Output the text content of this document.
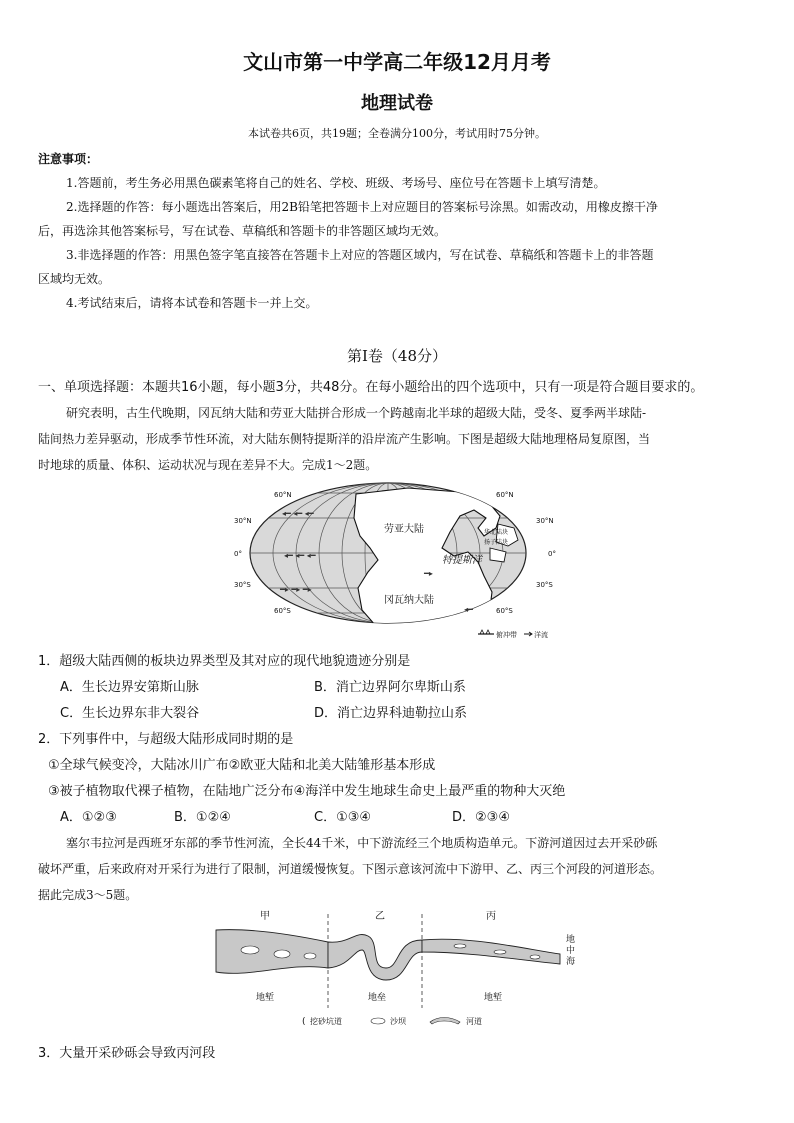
文山市第一中学高二年级12月月考
地理试卷
本试卷共6页，共19题；全卷满分100分，考试用时75分钟。
注意事项：
1.答题前，考生务必用黑色碳素笔将自己的姓名、学校、班级、考场号、座位号在答题卡上填写清楚。
2.选择题的作答：每小题选出答案后，用2B铅笔把答题卡上对应题目的答案标号涂黑。如需改动，用橡皮擦干净
后，再选涂其他答案标号，写在试卷、草稿纸和答题卡的非答题区域均无效。
3.非选择题的作答：用黑色签字笔直接答在答题卡上对应的答题区域内，写在试卷、草稿纸和答题卡上的非答题
区域均无效。
4.考试结束后，请将本试卷和答题卡一并上交。
第Ⅰ卷（48分）
一、单项选择题：本题共16小题，每小题3分，共48分。在每小题给出的四个选项中，只有一项是符合题目要求的。
研究表明，古生代晚期，冈瓦纳大陆和劳亚大陆拼合形成一个跨越南北半球的超级大陆，受冬、夏季两半球陆-
陆间热力差异驱动，形成季节性环流，对大陆东侧特提斯洋的沿岸流产生影响。下图是超级大陆地理格局复原图，当
时地球的质量、体积、运动状况与现在差异不大。完成1～2题。
◂━ ◂━ ◂━
◂━ ◂━ ◂━
━▸ ━▸ ━▸
━▸
◂━
60°N	60°N
30°N	30°N
0°	0°
30°S	30°S
60°S	60°S
劳亚大陆
冈瓦纳大陆
特提斯洋
华北陆块
扬子陆块
俯冲带 洋流
1．超级大陆西侧的板块边界类型及其对应的现代地貌遗迹分别是
A．生长边界安第斯山脉	B．消亡边界阿尔卑斯山系
C．生长边界东非大裂谷	D．消亡边界科迪勒拉山系
2．下列事件中，与超级大陆形成同时期的是
①全球气候变冷，大陆冰川广布②欧亚大陆和北美大陆雏形基本形成
③被子植物取代裸子植物，在陆地广泛分布④海洋中发生地球生命史上最严重的物种大灭绝
A．①②③	B．①②④	C．①③④	D．②③④
塞尔韦拉河是西班牙东部的季节性河流，全长44千米，中下游流经三个地质构造单元。下游河道因过去开采砂砾
破坏严重，后来政府对开采行为进行了限制，河道缓慢恢复。下图示意该河流中下游甲、乙、丙三个河段的河道形态。
据此完成3～5题。
甲	乙	丙
地中海
地堑	地垒	地堑
( 挖砂坑道	沙坝	河道
3．大量开采砂砾会导致丙河段
